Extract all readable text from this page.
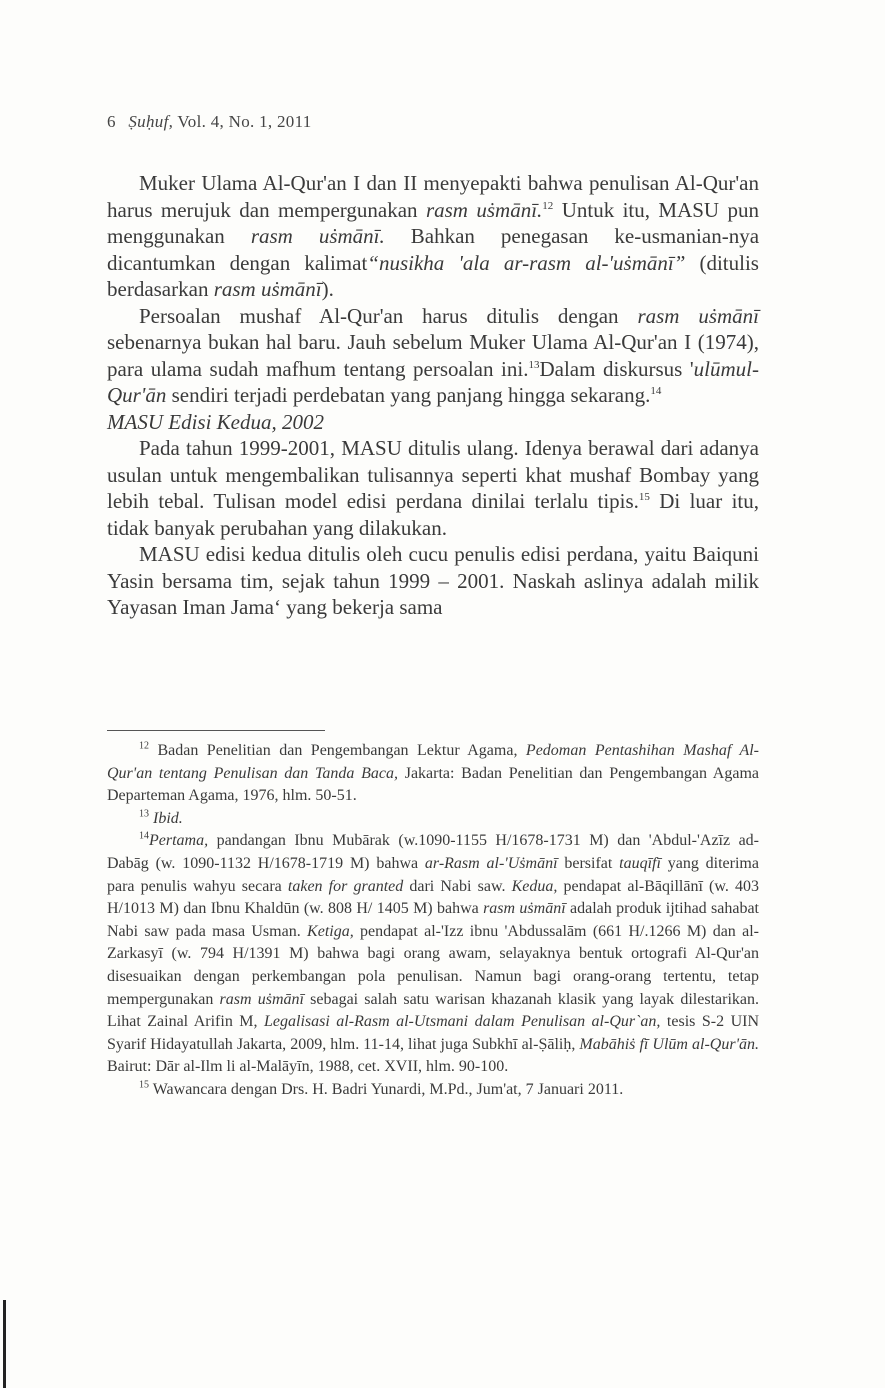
6 Ṣuḥuf, Vol. 4, No. 1, 2011

Muker Ulama Al-Qur'an I dan II menyepakti bahwa penulisan Al-Qur'an harus merujuk dan mempergunakan rasm uṡmānī.$^{12}$ Untuk itu, MASU pun menggunakan rasm uṡmānī. Bahkan penegasan ke-usmanian-nya dicantumkan dengan kalimat“nusikha 'ala ar-rasm al-'uṡmānī” (ditulis berdasarkan rasm uṡmānī).

Persoalan mushaf Al-Qur'an harus ditulis dengan rasm uṡmānī sebenarnya bukan hal baru. Jauh sebelum Muker Ulama Al-Qur'an I (1974), para ulama sudah mafhum tentang persoalan ini.$^{13}$Dalam diskursus 'ulūmul-Qur'ān sendiri terjadi perdebatan yang panjang hingga sekarang.$^{14}$

MASU Edisi Kedua, 2002

Pada tahun 1999-2001, MASU ditulis ulang. Idenya berawal dari adanya usulan untuk mengembalikan tulisannya seperti khat mushaf Bombay yang lebih tebal. Tulisan model edisi perdana dinilai terlalu tipis.$^{15}$ Di luar itu, tidak banyak perubahan yang dilakukan.

MASU edisi kedua ditulis oleh cucu penulis edisi perdana, yaitu Baiquni Yasin bersama tim, sejak tahun 1999 – 2001. Naskah aslinya adalah milik Yayasan Iman Jama‘ yang bekerja sama

$^{12}$ Badan Penelitian dan Pengembangan Lektur Agama, Pedoman Pentashihan Mashaf Al-Qur'an tentang Penulisan dan Tanda Baca, Jakarta: Badan Penelitian dan Pengembangan Agama Departeman Agama, 1976, hlm. 50-51.

$^{13}$ Ibid.

$^{14}$Pertama, pandangan Ibnu Mubārak (w.1090-1155 H/1678-1731 M) dan 'Abdul-'Azīz ad-Dabāg (w. 1090-1132 H/1678-1719 M) bahwa ar-Rasm al-'Uṡmānī bersifat tauqīfī yang diterima para penulis wahyu secara taken for granted dari Nabi saw. Kedua, pendapat al-Bāqillānī (w. 403 H/1013 M) dan Ibnu Khaldūn (w. 808 H/ 1405 M) bahwa rasm uṡmānī adalah produk ijtihad sahabat Nabi saw pada masa Usman. Ketiga, pendapat al-'Izz ibnu 'Abdussalām (661 H/.1266 M) dan al-Zarkasyī (w. 794 H/1391 M) bahwa bagi orang awam, selayaknya bentuk ortografi Al-Qur'an disesuaikan dengan perkembangan pola penulisan. Namun bagi orang-orang tertentu, tetap mempergunakan rasm uṡmānī sebagai salah satu warisan khazanah klasik yang layak dilestarikan. Lihat Zainal Arifin M, Legalisasi al-Rasm al-Utsmani dalam Penulisan al-Qur`an, tesis S-2 UIN Syarif Hidayatullah Jakarta, 2009, hlm. 11-14, lihat juga Subkhī al-Ṣāliḥ, Mabāhiṡ fī Ulūm al-Qur'ān. Bairut: Dār al-Ilm li al-Malāyīn, 1988, cet. XVII, hlm. 90-100.

$^{15}$ Wawancara dengan Drs. H. Badri Yunardi, M.Pd., Jum'at, 7 Januari 2011.
